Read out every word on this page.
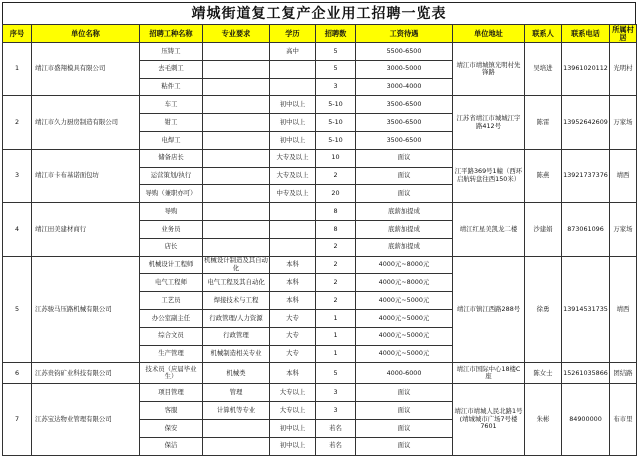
靖城街道复工复产企业用工招聘一览表
序号	单位名称	招聘工种名称	专业要求	学历	招聘数	工资待遇	单位地址	联系人	联系电话	所属村居
1	靖江市盛翔模具有限公司	压铸工		高中	5	5500-6500	靖江市靖城镇光明村先锋路	吴培进	13961020112	光明村
		去毛刺工			5	3000-5000				
		粘件工			3	3000-4000				
2	靖江市久力厨房制造有限公司	车工		初中以上	5-10	3500-6500	江苏省靖江市城城江宇路412号	陈雷	13952642609	万家场
		钳工		初中以上	5-10	3500-6500				
		电焊工		初中以上	5-10	3500-6500				
3	靖江市卡布基诺面包坊	储备店长		大专及以上	10	面议	江平路369号1幢（西环启航转盘往西150米）	陈燕	13921737376	靖西
		运营策划/执行		大专及以上	2	面议				
		导购（兼职亦可）		中专及以上	20	面议				
4	靖江田美建材商行	导购			8	底薪加提成	靖江红星美凯龙二楼	沙建娟	873061096	万家场
		业务员			8	底薪加提成				
		店长			2	底薪加提成				
5	江苏骏马压路机械有限公司	机械设计工程师	机械设计制造及其自动化	本科	2	4000元~8000元	靖江市镇江西路288号	徐勇	13914531735	靖西
		电气工程师	电气工程及其自动化	本科	2	4000元~8000元				
		工艺员	焊接技术与工程	本科	2	4000元~5000元				
		办公室副主任	行政管理/人力资源	大专	1	4000元~5000元				
		综合文员	行政管理	大专	1	4000元~5000元				
		生产管理	机械制造相关专业	大专	1	4000元~5000元				
6	江苏贵钧矿业科技有限公司	技术员（应届毕业生）	机械类	本科	5	4000-6000	靖江市国际中心18楼C座	陈女士	15261035866	团结路
7	江苏宝达物业管理有限公司	项目管理	管理	大专以上	3	面议	靖江市靖城人民北路1号(靖城城市广场7号楼7601	朱彬	84900000	布市里
		客服	计算机等专业	大专以上	3	面议				
		保安		初中以上	若名	面议				
		保洁		初中以上	若名	面议				
